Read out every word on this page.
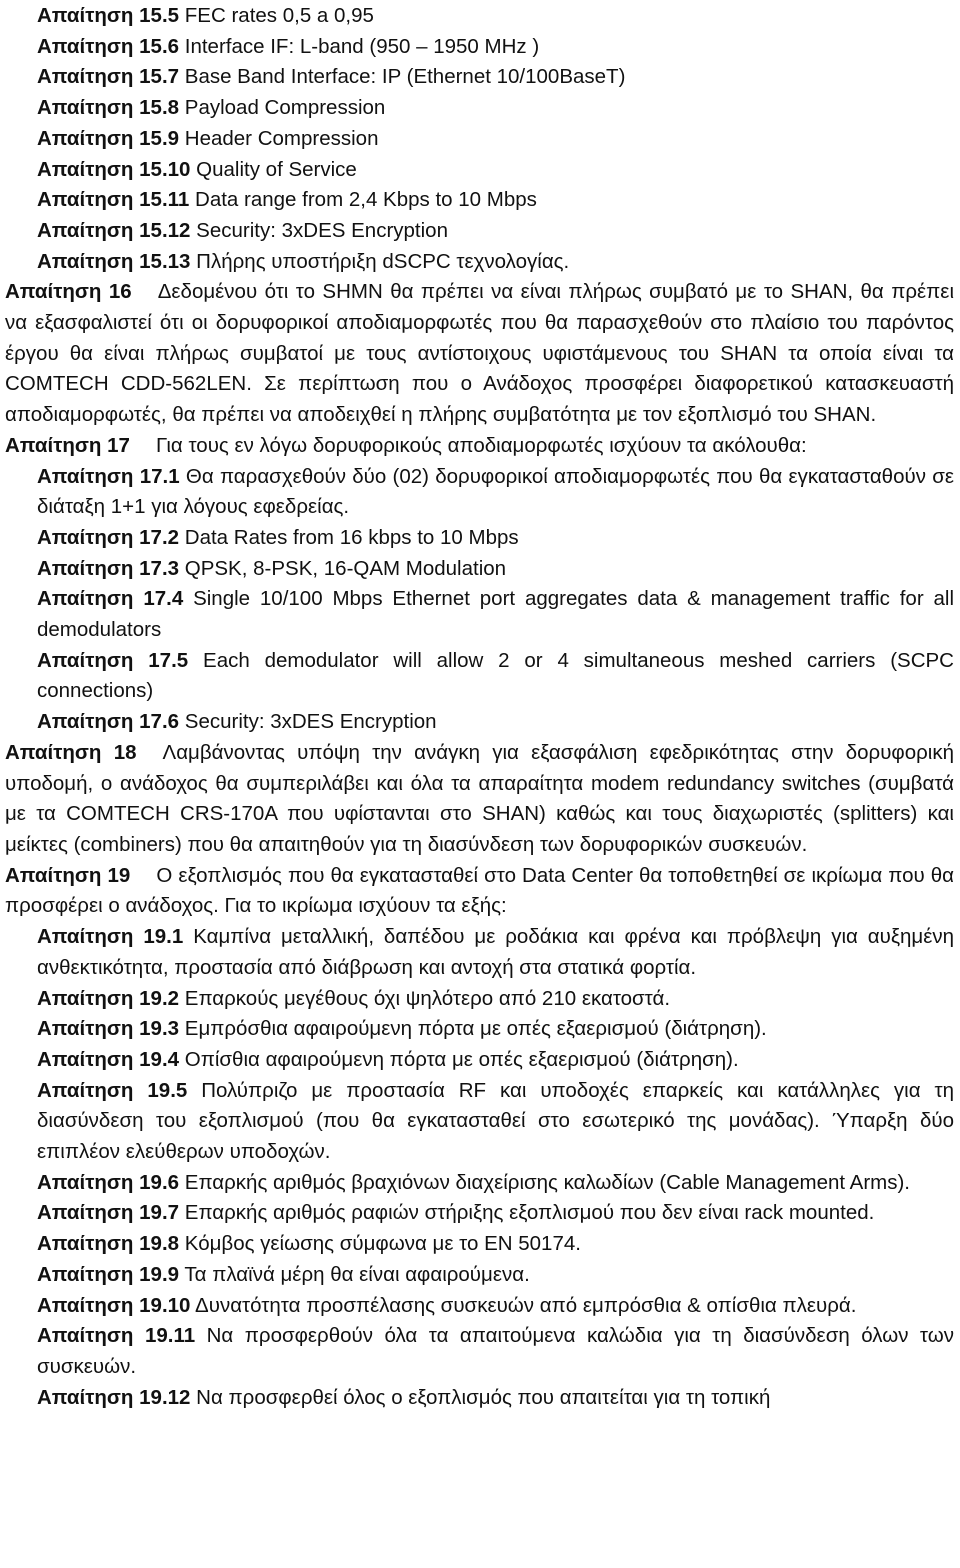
Απαίτηση 15.5 FEC rates 0,5 a 0,95

Απαίτηση 15.6 Interface IF: L-band (950 – 1950 MHz )

Απαίτηση 15.7 Base Band Interface: IP (Ethernet 10/100BaseT)

Απαίτηση 15.8 Payload Compression

Απαίτηση 15.9 Header Compression

Απαίτηση 15.10 Quality of Service

Απαίτηση 15.11 Data range from 2,4 Kbps to 10 Mbps

Απαίτηση 15.12 Security: 3xDES Encryption

Απαίτηση 15.13 Πλήρης υποστήριξη dSCPC τεχνολογίας.

Απαίτηση 16 Δεδομένου ότι το SHMN θα πρέπει να είναι πλήρως συμβατό με το SHAN, θα πρέπει να εξασφαλιστεί ότι οι δορυφορικοί αποδιαμορφωτές που θα παρασχεθούν στο πλαίσιο του παρόντος έργου θα είναι πλήρως συμβατοί με τους αντίστοιχους υφιστάμενους του SHAN τα οποία είναι τα COMTECH CDD-562LEN. Σε περίπτωση που ο Ανάδοχος προσφέρει διαφορετικού κατασκευαστή αποδιαμορφωτές, θα πρέπει να αποδειχθεί η πλήρης συμβατότητα με τον εξοπλισμό του SHAN.

Απαίτηση 17 Για τους εν λόγω δορυφορικούς αποδιαμορφωτές ισχύουν τα ακόλουθα:

Απαίτηση 17.1 Θα παρασχεθούν δύο (02) δορυφορικοί αποδιαμορφωτές που θα εγκατασταθούν σε διάταξη 1+1 για λόγους εφεδρείας.

Απαίτηση 17.2 Data Rates from 16 kbps to 10 Mbps

Απαίτηση 17.3 QPSK, 8-PSK, 16-QAM Modulation

Απαίτηση 17.4 Single 10/100 Mbps Ethernet port aggregates data & management traffic for all demodulators

Απαίτηση 17.5 Each demodulator will allow 2 or 4 simultaneous meshed carriers (SCPC connections)

Απαίτηση 17.6 Security: 3xDES Encryption

Απαίτηση 18 Λαμβάνοντας υπόψη την ανάγκη για εξασφάλιση εφεδρικότητας στην δορυφορική υποδομή, ο ανάδοχος θα συμπεριλάβει και όλα τα απαραίτητα modem redundancy switches (συμβατά με τα COMTECH CRS-170A που υφίστανται στο SHAN) καθώς και τους διαχωριστές (splitters) και μείκτες (combiners) που θα απαιτηθούν για τη διασύνδεση των δορυφορικών συσκευών.

Απαίτηση 19 Ο εξοπλισμός που θα εγκατασταθεί στο Data Center θα τοποθετηθεί σε ικρίωμα που θα προσφέρει ο ανάδοχος. Για το ικρίωμα ισχύουν τα εξής:

Απαίτηση 19.1 Καμπίνα μεταλλική, δαπέδου με ροδάκια και φρένα και πρόβλεψη για αυξημένη ανθεκτικότητα, προστασία από διάβρωση και αντοχή στα στατικά φορτία.

Απαίτηση 19.2 Επαρκούς μεγέθους όχι ψηλότερο από 210 εκατοστά.

Απαίτηση 19.3 Εμπρόσθια αφαιρούμενη πόρτα με οπές εξαερισμού (διάτρηση).

Απαίτηση 19.4 Οπίσθια αφαιρούμενη πόρτα με οπές εξαερισμού (διάτρηση).

Απαίτηση 19.5 Πολύπριζο με προστασία RF και υποδοχές επαρκείς και κατάλληλες για τη διασύνδεση του εξοπλισμού (που θα εγκατασταθεί στο εσωτερικό της μονάδας). Ύπαρξη δύο επιπλέον ελεύθερων υποδοχών.

Απαίτηση 19.6 Επαρκής αριθμός βραχιόνων διαχείρισης καλωδίων (Cable Management Arms).

Απαίτηση 19.7 Επαρκής αριθμός ραφιών στήριξης εξοπλισμού που δεν είναι rack mounted.

Απαίτηση 19.8 Κόμβος γείωσης σύμφωνα με το EN 50174.

Απαίτηση 19.9 Τα πλαϊνά μέρη θα είναι αφαιρούμενα.

Απαίτηση 19.10 Δυνατότητα προσπέλασης συσκευών από εμπρόσθια & οπίσθια πλευρά.

Απαίτηση 19.11 Να προσφερθούν όλα τα απαιτούμενα καλώδια για τη διασύνδεση όλων των συσκευών.

Απαίτηση 19.12 Να προσφερθεί όλος ο εξοπλισμός που απαιτείται για τη τοπική
